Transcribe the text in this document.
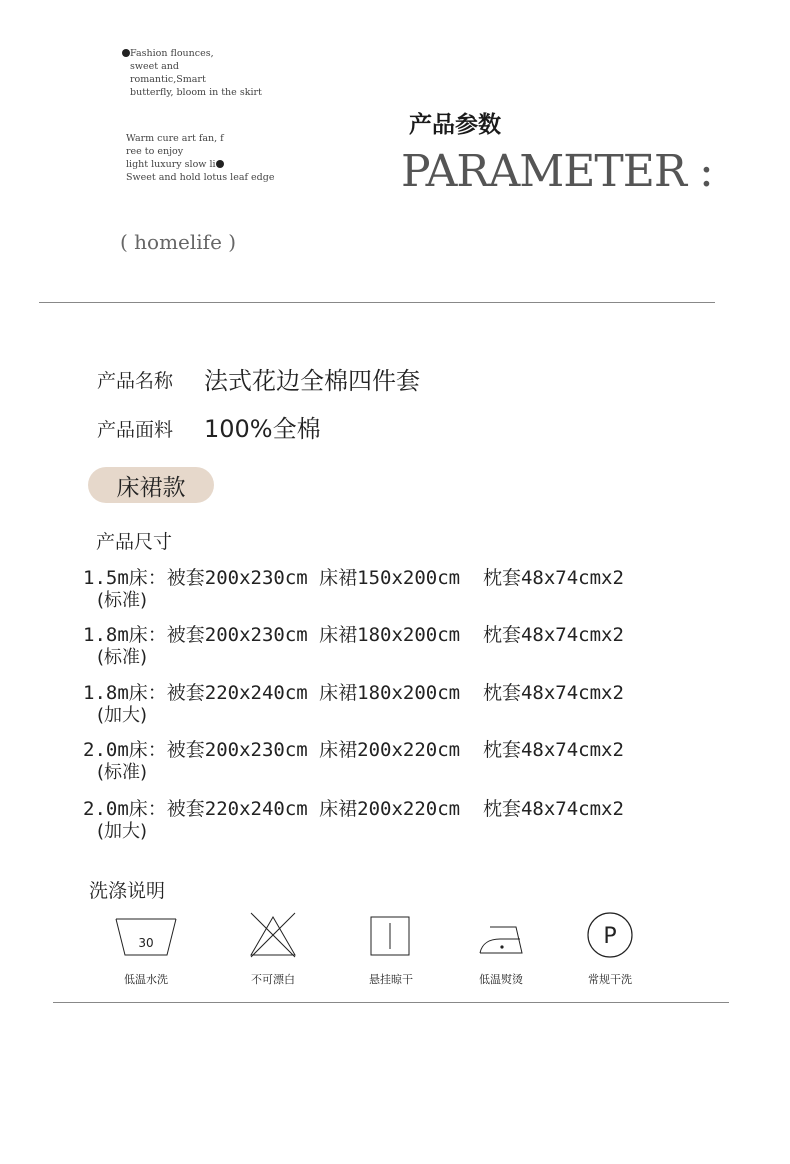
Fashion flounces,
sweet and
romantic,Smart
butterfly, bloom in the skirt
Warm cure art fan, f
ree to enjoy
light luxury slow li
Sweet and hold lotus leaf edge
产品参数
PARAMETER :
( homelife )
产品名称 法式花边全棉四件套
产品面料 100%全棉
床裙款
产品尺寸
1.5m床：被套200x230cm 床裙150x200cm  枕套48x74cmx2
(标准)
1.8m床：被套200x230cm 床裙180x200cm  枕套48x74cmx2
(标准)
1.8m床：被套220x240cm 床裙180x200cm  枕套48x74cmx2
(加大)
2.0m床：被套200x230cm 床裙200x220cm  枕套48x74cmx2
(标准)
2.0m床：被套220x240cm 床裙200x220cm  枕套48x74cmx2
(加大)
洗涤说明
30
低温水洗	不可漂白	悬挂晾干	低温熨烫
P
常规干洗
